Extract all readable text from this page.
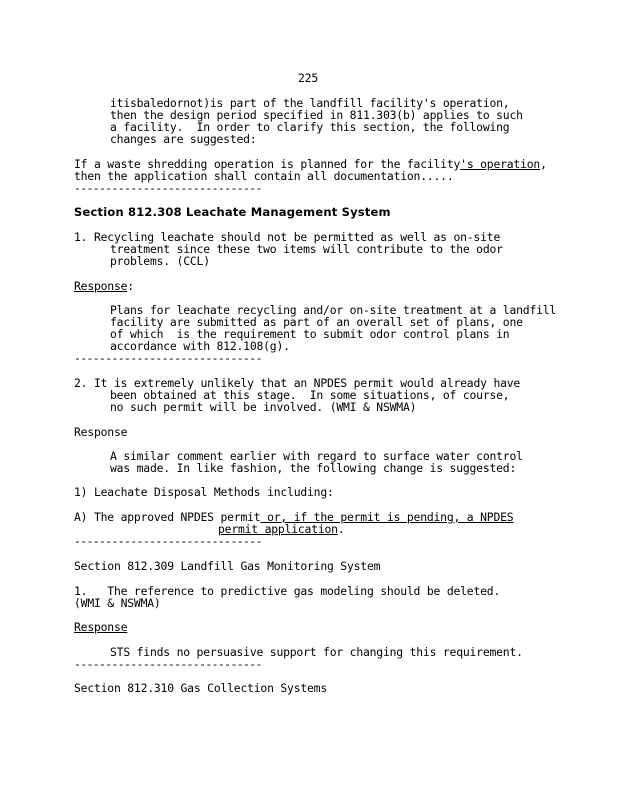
225
itisbaledornot)is part of the landfill facility's operation,
then the design period specified in 811.303(b) applies to such
a facility.  In order to clarify this section, the following
changes are suggested:
If a waste shredding operation is planned for the facility's operation,
then the application shall contain all documentation.....
------------------------------
Section 812.308 Leachate Management System
1. Recycling leachate should not be permitted as well as on-site
treatment since these two items will contribute to the odor
problems. (CCL)
Response:
Plans for leachate recycling and/or on-site treatment at a landfill
facility are submitted as part of an overall set of plans, one
of which  is the requirement to submit odor control plans in
accordance with 812.108(g).
------------------------------
2. It is extremely unlikely that an NPDES permit would already have
been obtained at this stage.  In some situations, of course,
no such permit will be involved. (WMI & NSWMA)
Response
A similar comment earlier with regard to surface water control
was made. In like fashion, the following change is suggested:
1) Leachate Disposal Methods including:
A) The approved NPDES permit or, if the permit is pending, a NPDES
permit application.
------------------------------
Section 812.309 Landfill Gas Monitoring System
1.   The reference to predictive gas modeling should be deleted.
(WMI & NSWMA)
Response
STS finds no persuasive support for changing this requirement.
------------------------------
Section 812.310 Gas Collection Systems
